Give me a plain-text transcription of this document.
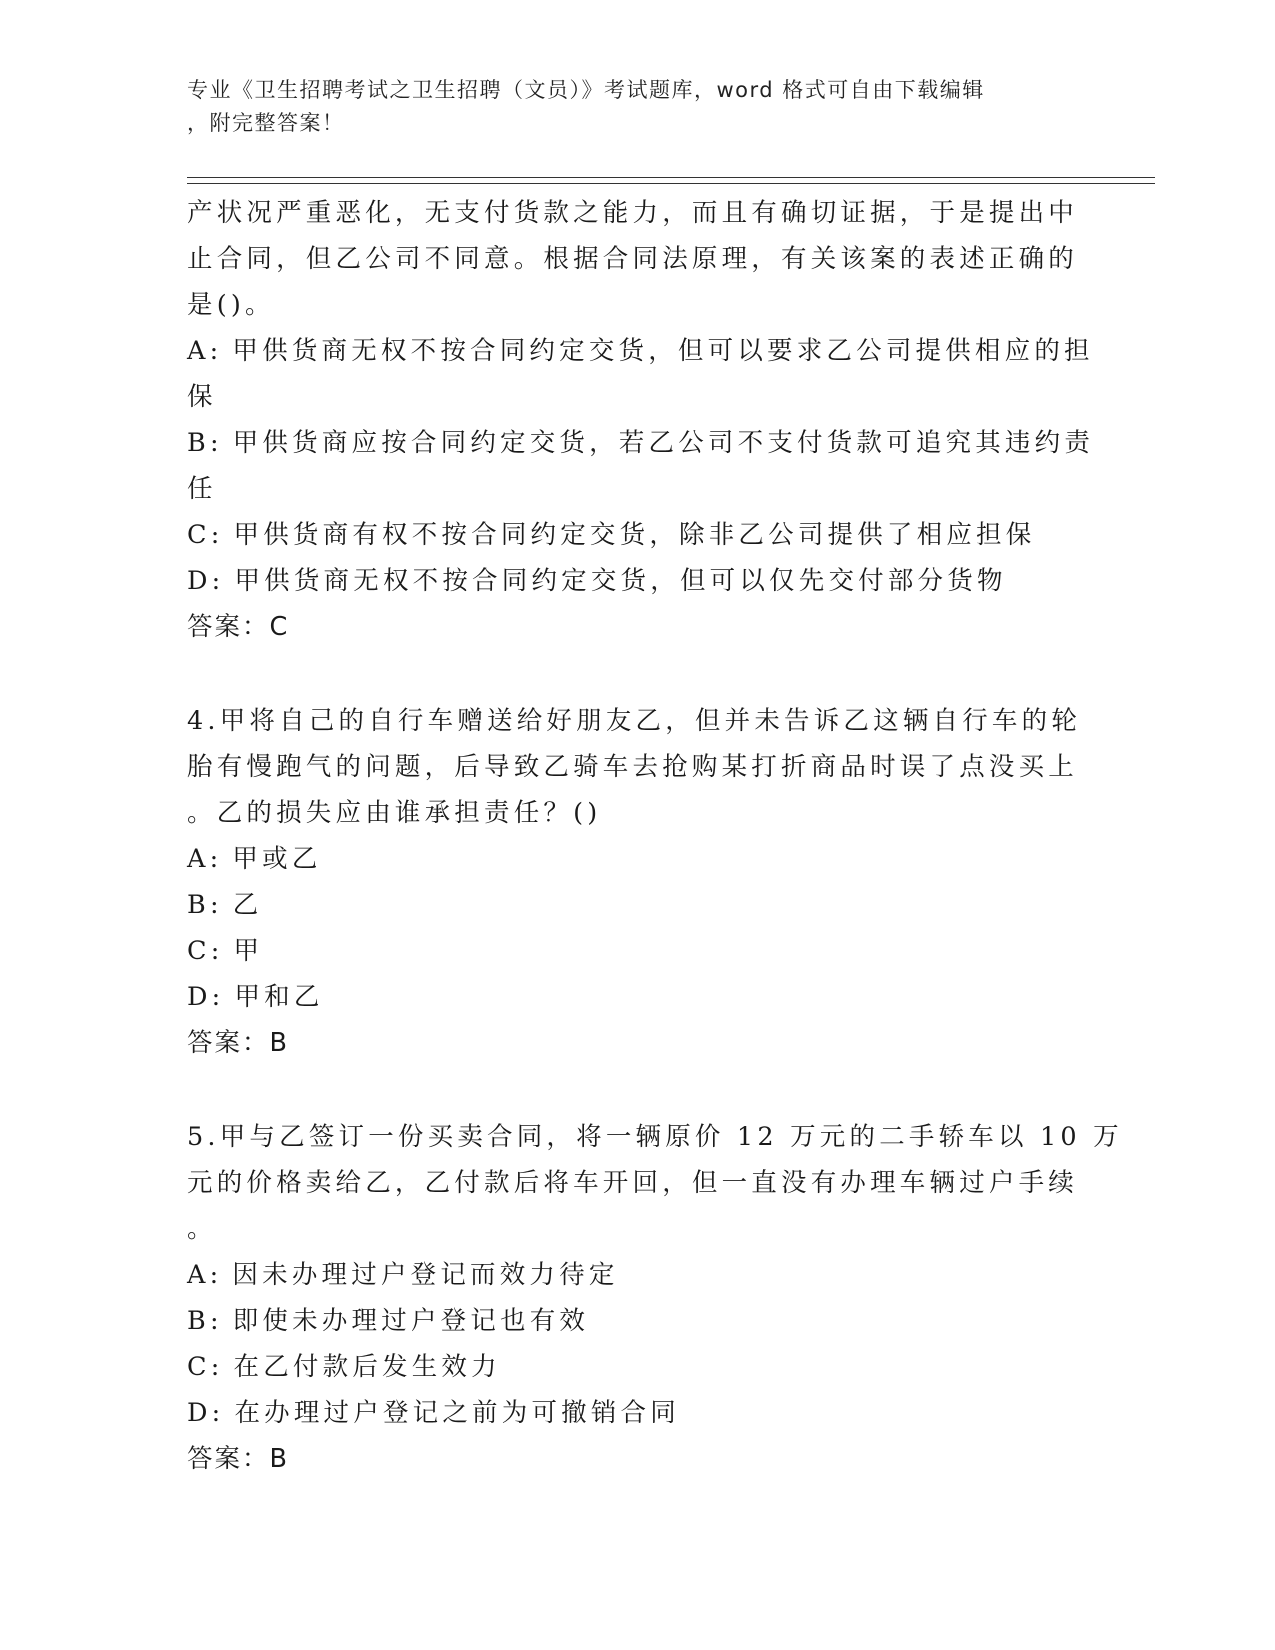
专业《卫生招聘考试之卫生招聘（文员）》考试题库，word 格式可自由下载编辑
，附完整答案！
产状况严重恶化，无支付货款之能力，而且有确切证据，于是提出中
止合同，但乙公司不同意。根据合同法原理，有关该案的表述正确的
是()。
A: 甲供货商无权不按合同约定交货，但可以要求乙公司提供相应的担
保
B: 甲供货商应按合同约定交货，若乙公司不支付货款可追究其违约责
任
C: 甲供货商有权不按合同约定交货，除非乙公司提供了相应担保
D: 甲供货商无权不按合同约定交货，但可以仅先交付部分货物
答案：C
4.甲将自己的自行车赠送给好朋友乙，但并未告诉乙这辆自行车的轮
胎有慢跑气的问题，后导致乙骑车去抢购某打折商品时误了点没买上
。乙的损失应由谁承担责任？()
A: 甲或乙
B: 乙
C: 甲
D: 甲和乙
答案：B
5.甲与乙签订一份买卖合同，将一辆原价 12 万元的二手轿车以 10 万
元的价格卖给乙，乙付款后将车开回，但一直没有办理车辆过户手续
。
A: 因未办理过户登记而效力待定
B: 即使未办理过户登记也有效
C: 在乙付款后发生效力
D: 在办理过户登记之前为可撤销合同
答案：B
